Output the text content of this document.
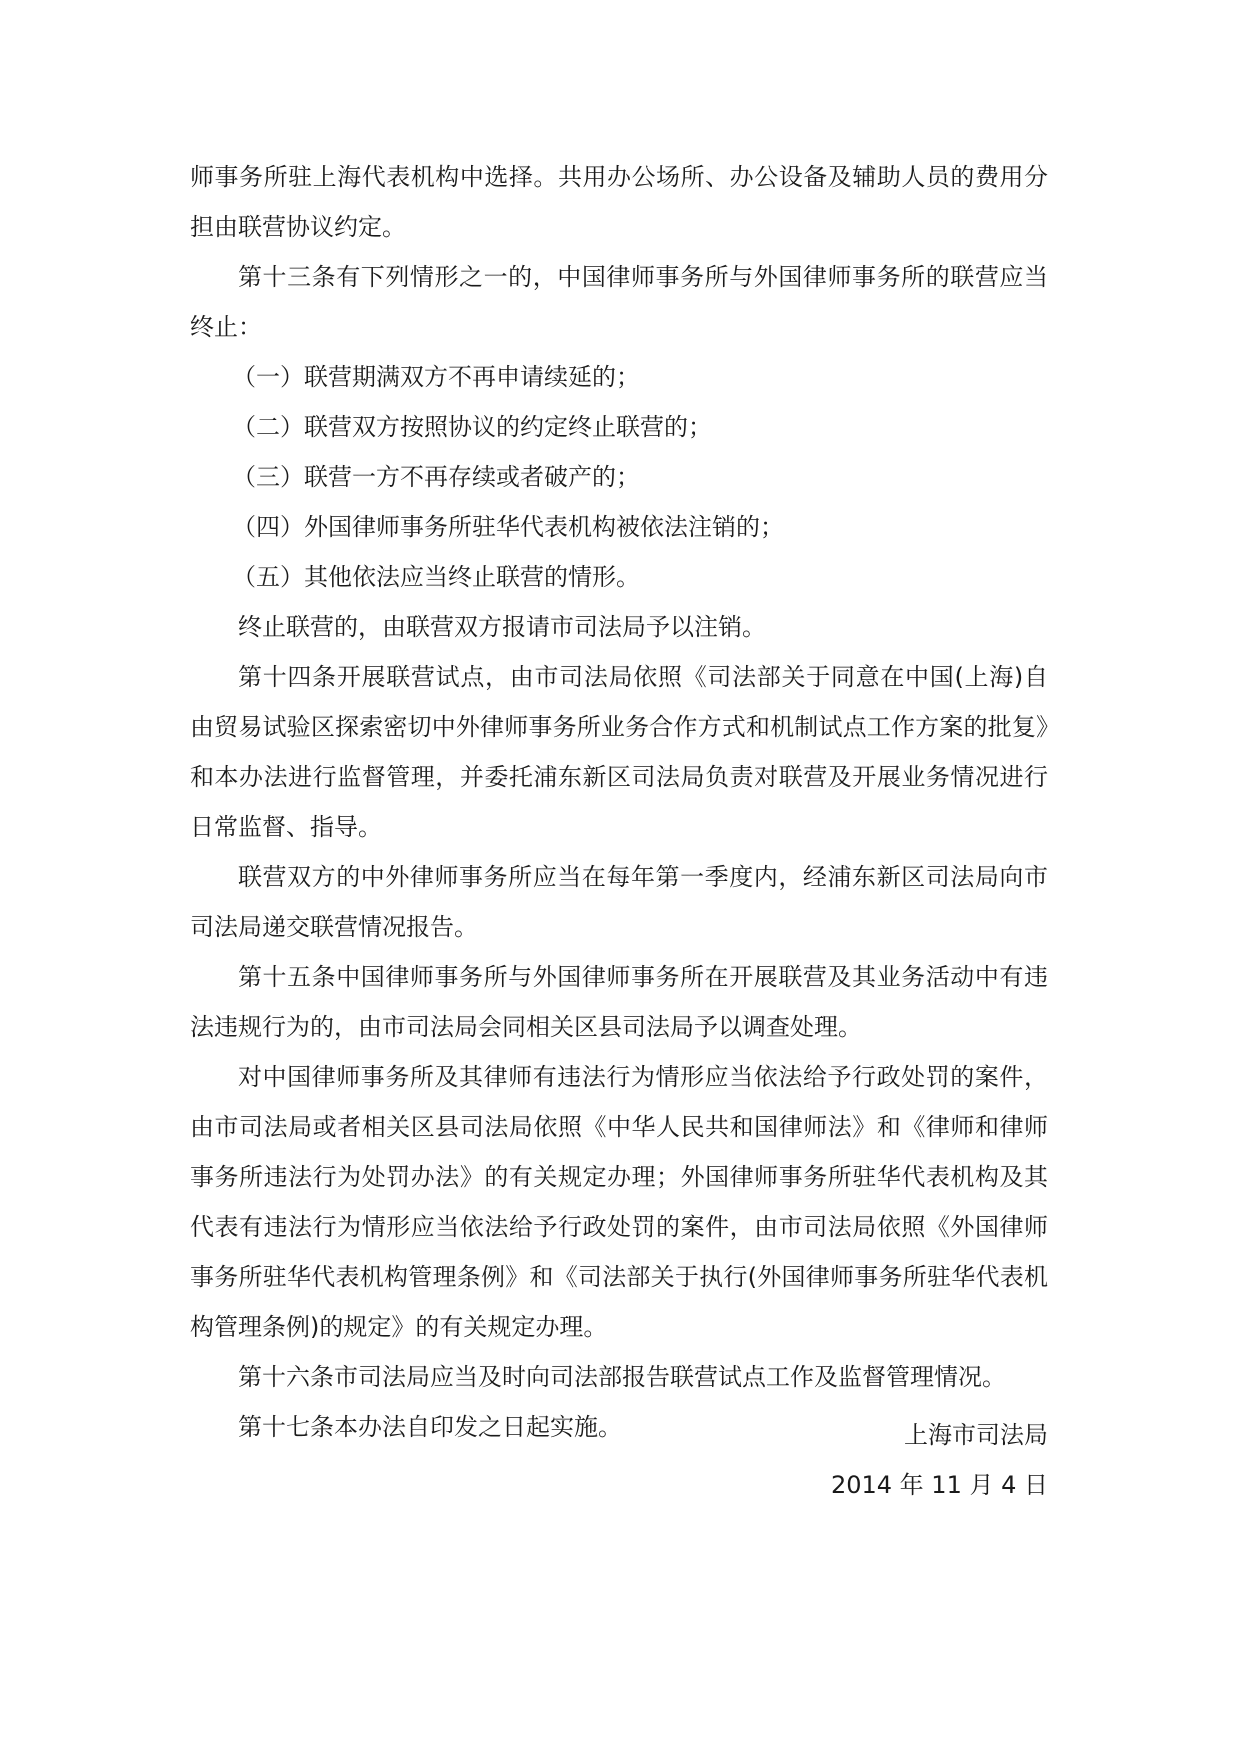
师事务所驻上海代表机构中选择。共用办公场所、办公设备及辅助人员的费用分担由联营协议约定。

第十三条有下列情形之一的，中国律师事务所与外国律师事务所的联营应当终止：

（一）联营期满双方不再申请续延的；

（二）联营双方按照协议的约定终止联营的；

（三）联营一方不再存续或者破产的；

（四）外国律师事务所驻华代表机构被依法注销的；

（五）其他依法应当终止联营的情形。

终止联营的，由联营双方报请市司法局予以注销。

第十四条开展联营试点，由市司法局依照《司法部关于同意在中国(上海)自由贸易试验区探索密切中外律师事务所业务合作方式和机制试点工作方案的批复》和本办法进行监督管理，并委托浦东新区司法局负责对联营及开展业务情况进行日常监督、指导。

联营双方的中外律师事务所应当在每年第一季度内，经浦东新区司法局向市司法局递交联营情况报告。

第十五条中国律师事务所与外国律师事务所在开展联营及其业务活动中有违法违规行为的，由市司法局会同相关区县司法局予以调查处理。

对中国律师事务所及其律师有违法行为情形应当依法给予行政处罚的案件，由市司法局或者相关区县司法局依照《中华人民共和国律师法》和《律师和律师事务所违法行为处罚办法》的有关规定办理；外国律师事务所驻华代表机构及其代表有违法行为情形应当依法给予行政处罚的案件，由市司法局依照《外国律师事务所驻华代表机构管理条例》和《司法部关于执行(外国律师事务所驻华代表机构管理条例)的规定》的有关规定办理。

第十六条市司法局应当及时向司法部报告联营试点工作及监督管理情况。

第十七条本办法自印发之日起实施。	上海市司法局
2014 年 11 月 4 日
